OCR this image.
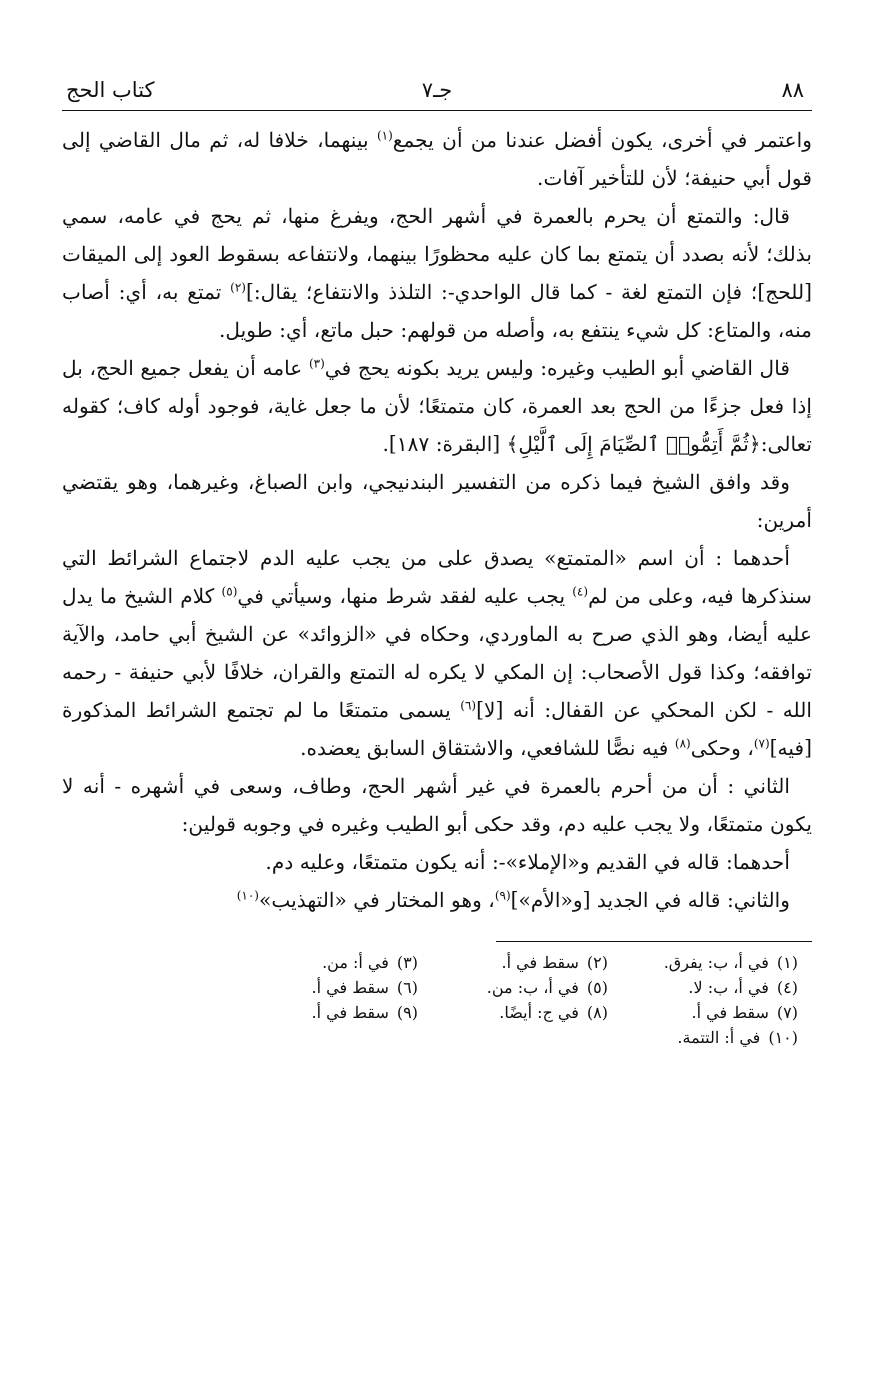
٨٨
جـ٧
كتاب الحج

واعتمر في أخرى، يكون أفضل عندنا من أن يجمع$^{(١)}$ بينهما، خلافا له، ثم مال القاضي إلى قول أبي حنيفة؛ لأن للتأخير آفات.

قال: والتمتع أن يحرم بالعمرة في أشهر الحج، ويفرغ منها، ثم يحج في عامه، سمي بذلك؛ لأنه بصدد أن يتمتع بما كان عليه محظورًا بينهما، ولانتفاعه بسقوط العود إلى الميقات [للحج]؛ فإن التمتع لغة - كما قال الواحدي-: التلذذ والانتفاع؛ يقال:]$^{(٢)}$ تمتع به، أي: أصاب منه، والمتاع: كل شيء ينتفع به، وأصله من قولهم: حبل ماتع، أي: طويل.

قال القاضي أبو الطيب وغيره: وليس يريد بكونه يحج في$^{(٣)}$ عامه أن يفعل جميع الحج، بل إذا فعل جزءًا من الحج بعد العمرة، كان متمتعًا؛ لأن ما جعل غاية، فوجود أوله كاف؛ كقوله تعالى:﴿ثُمَّ أَتِمُّوا۟ ٱلصِّيَامَ إِلَى ٱلَّيْلِ﴾ [البقرة: ١٨٧].

وقد وافق الشيخ فيما ذكره من التفسير البندنيجي، وابن الصباغ، وغيرهما، وهو يقتضي أمرين:

أحدهما : أن اسم «المتمتع» يصدق على من يجب عليه الدم لاجتماع الشرائط التي سنذكرها فيه، وعلى من لم$^{(٤)}$ يجب عليه لفقد شرط منها، وسيأتي في$^{(٥)}$ كلام الشيخ ما يدل عليه أيضا، وهو الذي صرح به الماوردي، وحكاه في «الزوائد» عن الشيخ أبي حامد، والآية توافقه؛ وكذا قول الأصحاب: إن المكي لا يكره له التمتع والقران، خلافًا لأبي حنيفة - رحمه الله - لكن المحكي عن القفال: أنه [لا]$^{(٦)}$ يسمى متمتعًا ما لم تجتمع الشرائط المذكورة [فيه]$^{(٧)}$، وحكى$^{(٨)}$ فيه نصًّا للشافعي، والاشتقاق السابق يعضده.

الثاني : أن من أحرم بالعمرة في غير أشهر الحج، وطاف، وسعى في أشهره - أنه لا يكون متمتعًا، ولا يجب عليه دم، وقد حكى أبو الطيب وغيره في وجوبه قولين:

أحدهما: قاله في القديم و«الإملاء»-: أنه يكون متمتعًا، وعليه دم.

والثاني: قاله في الجديد [و«الأم»]$^{(٩)}$، وهو المختار في «التهذيب»$^{(١٠)}$

(١)في أ، ب: يفرق.
(٢)سقط في أ.
(٣)في أ: من.
(٤)في أ، ب: لا.
(٥)في أ، ب: من.
(٦)سقط في أ.
(٧)سقط في أ.
(٨)في ج: أيضًا.
(٩)سقط في أ.
(١٠)في أ: التتمة.
